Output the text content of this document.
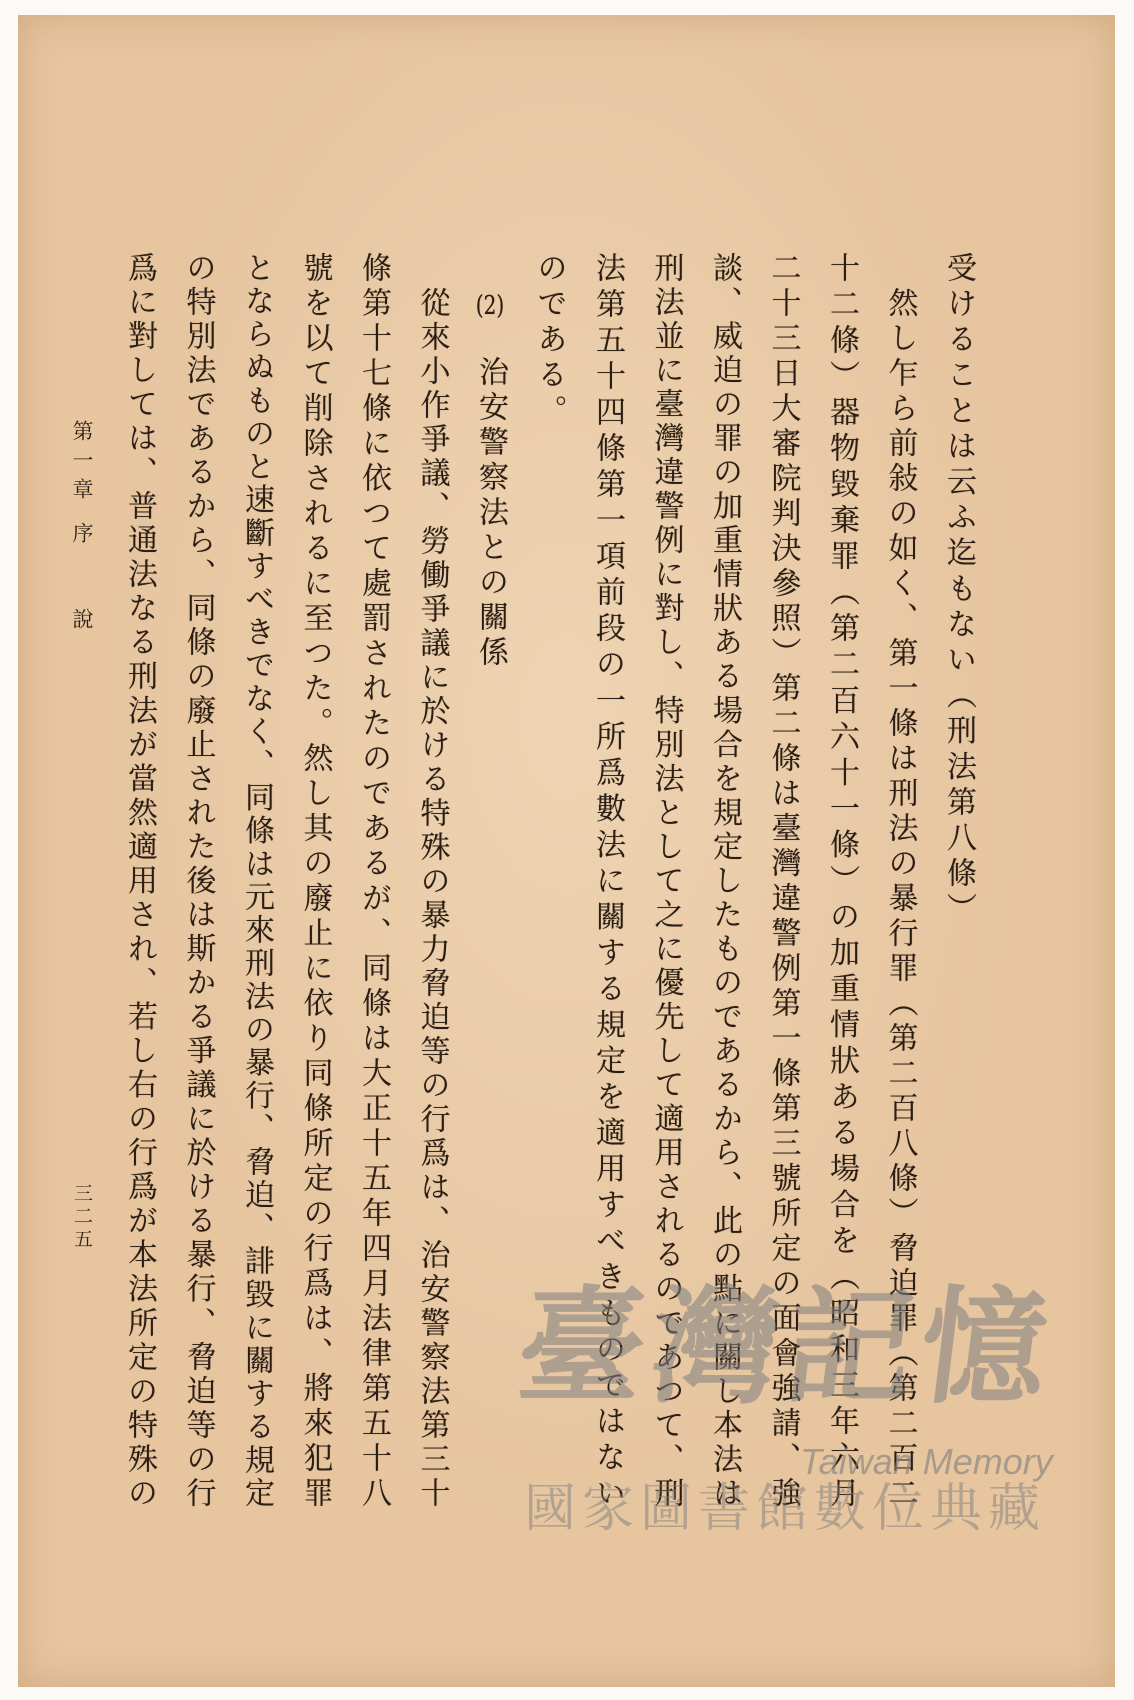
受けることは云ふ迄もない（刑法第八條）
然し乍ら前敍の如く、第一條は刑法の暴行罪（第二百八條）脅迫罪（第二百二
十二條）器物毀棄罪（第二百六十一條）の加重情狀ある場合を（昭和三年六月
二十三日大審院判決參照）第二條は臺灣違警例第一條第三號所定の面會強請、強
談、威迫の罪の加重情狀ある場合を規定したものであるから、此の點に關し本法は
刑法並に臺灣違警例に對し、特別法として之に優先して適用されるのであつて、刑
法第五十四條第一項前段の一所爲數法に關する規定を適用すべきものではない
のである。
(2)治安警察法との關係
從來小作爭議、勞働爭議に於ける特殊の暴力脅迫等の行爲は、治安警察法第三十
條第十七條に依つて處罰されたのであるが、同條は大正十五年四月法律第五十八
號を以て削除されるに至つた。然し其の廢止に依り同條所定の行爲は、將來犯罪
とならぬものと速斷すべきでなく、同條は元來刑法の暴行、脅迫、誹毀に關する規定
の特別法であるから、同條の廢止された後は斯かる爭議に於ける暴行、脅迫等の行
爲に對しては、普通法なる刑法が當然適用され、若し右の行爲が本法所定の特殊の
第一章
序　說
三二五
臺灣記憶
Taiwan Memory
國家圖書館數位典藏
